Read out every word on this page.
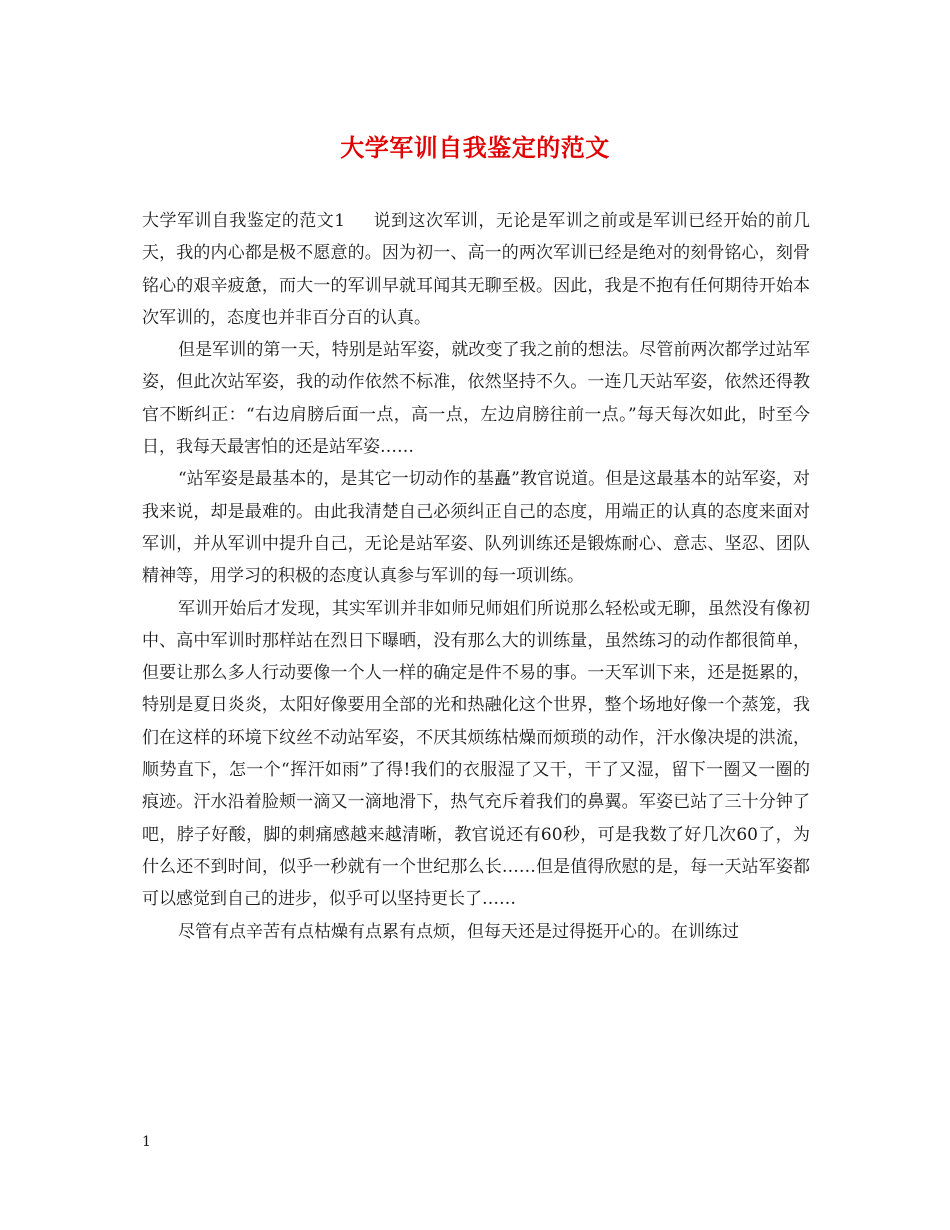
大学军训自我鉴定的范文

大学军训自我鉴定的范文1 说到这次军训，无论是军训之前或是军训已经开始的前几天，我的内心都是极不愿意的。因为初一、高一的两次军训已经是绝对的刻骨铭心，刻骨铭心的艰辛疲惫，而大一的军训早就耳闻其无聊至极。因此，我是不抱有任何期待开始本次军训的，态度也并非百分百的认真。

但是军训的第一天，特别是站军姿，就改变了我之前的想法。尽管前两次都学过站军姿，但此次站军姿，我的动作依然不标准，依然坚持不久。一连几天站军姿，依然还得教官不断纠正：“右边肩膀后面一点，高一点，左边肩膀往前一点。”每天每次如此，时至今日，我每天最害怕的还是站军姿……

“站军姿是最基本的，是其它一切动作的基矗”教官说道。但是这最基本的站军姿，对我来说，却是最难的。由此我清楚自己必须纠正自己的态度，用端正的认真的态度来面对军训，并从军训中提升自己，无论是站军姿、队列训练还是锻炼耐心、意志、坚忍、团队精神等，用学习的积极的态度认真参与军训的每一项训练。

军训开始后才发现，其实军训并非如师兄师姐们所说那么轻松或无聊，虽然没有像初中、高中军训时那样站在烈日下曝晒，没有那么大的训练量，虽然练习的动作都很简单，但要让那么多人行动要像一个人一样的确定是件不易的事。一天军训下来，还是挺累的，特别是夏日炎炎，太阳好像要用全部的光和热融化这个世界，整个场地好像一个蒸笼，我们在这样的环境下纹丝不动站军姿，不厌其烦练枯燥而烦琐的动作，汗水像决堤的洪流，顺势直下，怎一个“挥汗如雨”了得!我们的衣服湿了又干，干了又湿，留下一圈又一圈的痕迹。汗水沿着脸颊一滴又一滴地滑下，热气充斥着我们的鼻翼。军姿已站了三十分钟了吧，脖子好酸，脚的刺痛感越来越清晰，教官说还有60秒，可是我数了好几次60了，为什么还不到时间，似乎一秒就有一个世纪那么长……但是值得欣慰的是，每一天站军姿都可以感觉到自己的进步，似乎可以坚持更长了……

尽管有点辛苦有点枯燥有点累有点烦，但每天还是过得挺开心的。在训练过

1
